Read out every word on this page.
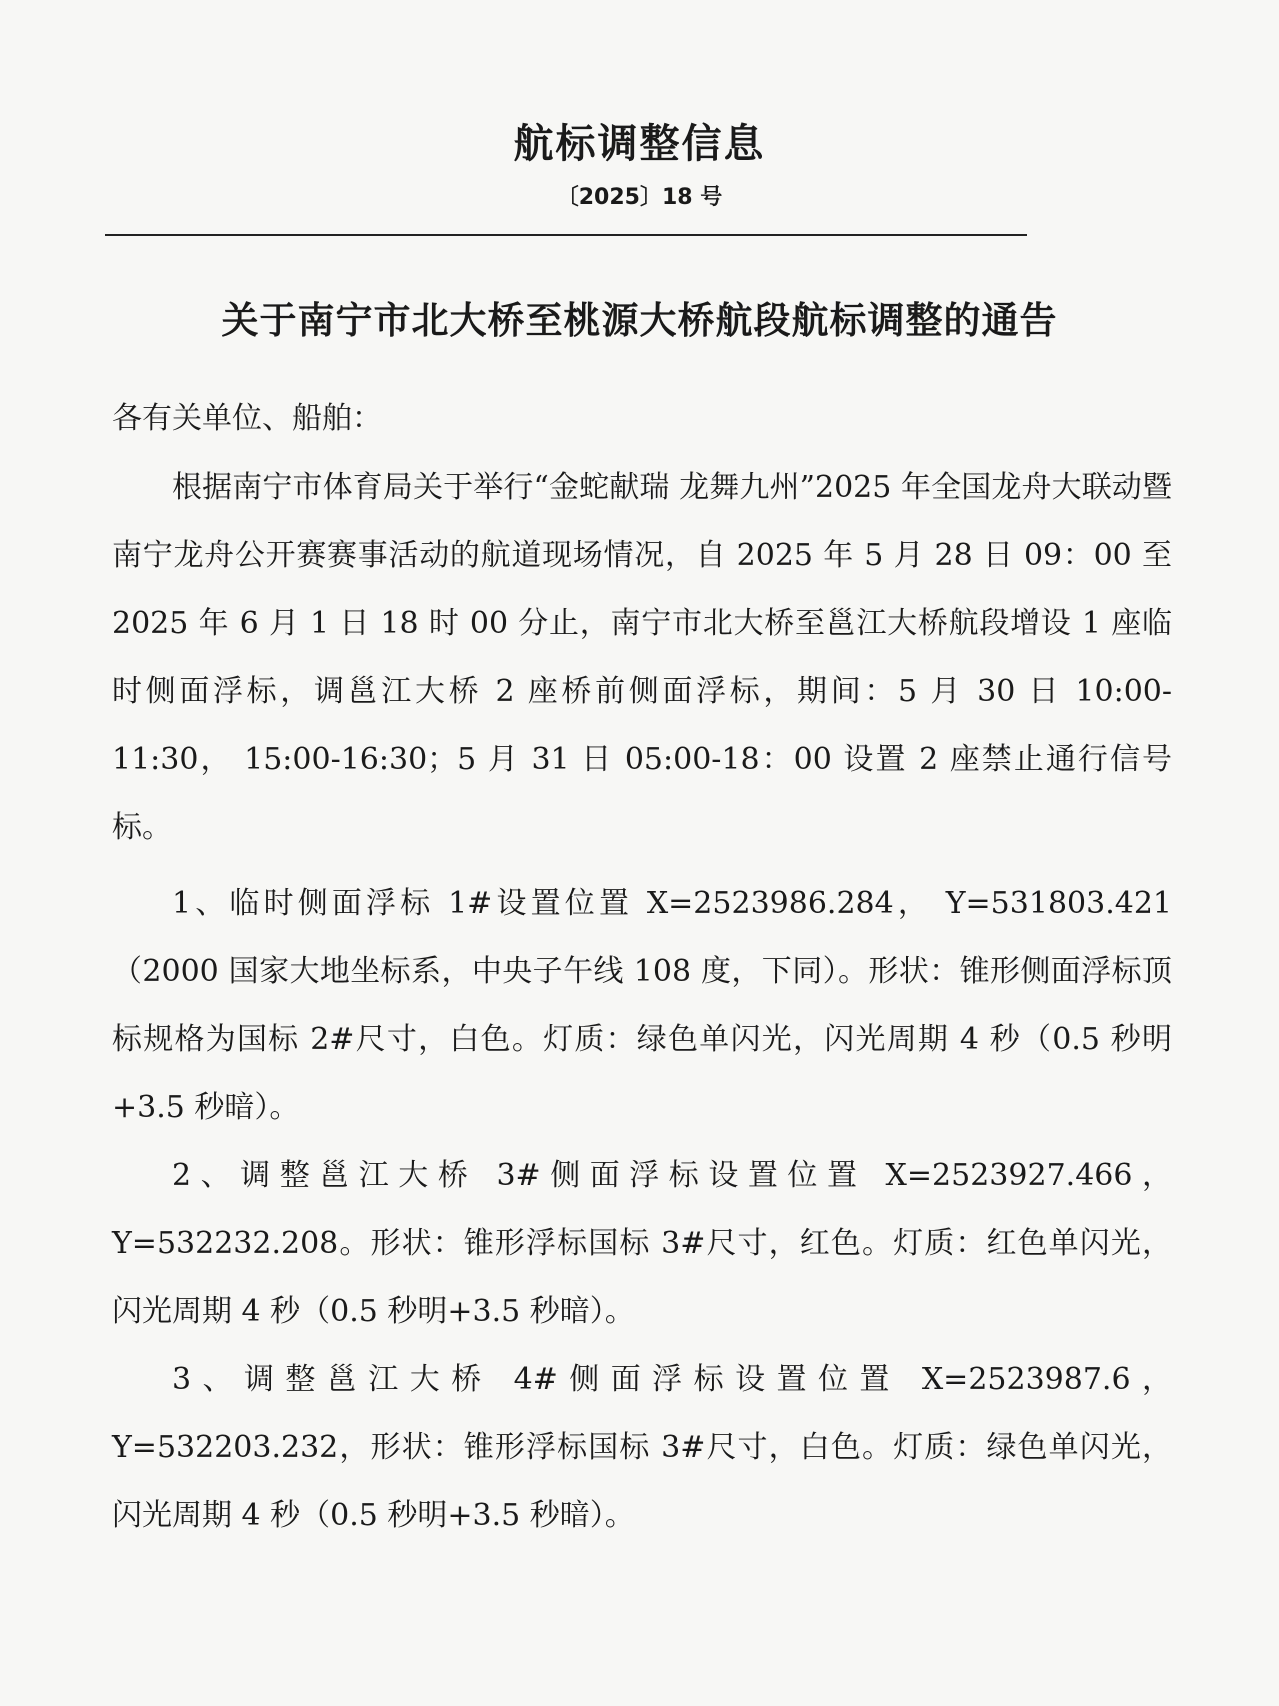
航标调整信息
〔2025〕18 号
关于南宁市北大桥至桃源大桥航段航标调整的通告

各有关单位、船舶：

根据南宁市体育局关于举行“金蛇献瑞 龙舞九州”2025 年全国龙舟大联动暨南宁龙舟公开赛赛事活动的航道现场情况，自 2025 年 5 月 28 日 09：00 至 2025 年 6 月 1 日 18 时 00 分止，南宁市北大桥至邕江大桥航段增设 1 座临时侧面浮标，调邕江大桥 2 座桥前侧面浮标，期间：5 月 30 日 10:00-11:30， 15:00-16:30；5 月 31 日 05:00-18：00 设置 2 座禁止通行信号标。

1、临时侧面浮标 1#设置位置 X=2523986.284， Y=531803.421（2000 国家大地坐标系，中央子午线 108 度，下同）。形状：锥形侧面浮标顶标规格为国标 2#尺寸，白色。灯质：绿色单闪光，闪光周期 4 秒（0.5 秒明+3.5 秒暗）。

2、调整邕江大桥 3#侧面浮标设置位置 X=2523927.466，Y=532232.208。形状：锥形浮标国标 3#尺寸，红色。灯质：红色单闪光，闪光周期 4 秒（0.5 秒明+3.5 秒暗）。

3、调整邕江大桥 4#侧面浮标设置位置 X=2523987.6，Y=532203.232，形状：锥形浮标国标 3#尺寸，白色。灯质：绿色单闪光，闪光周期 4 秒（0.5 秒明+3.5 秒暗）。
